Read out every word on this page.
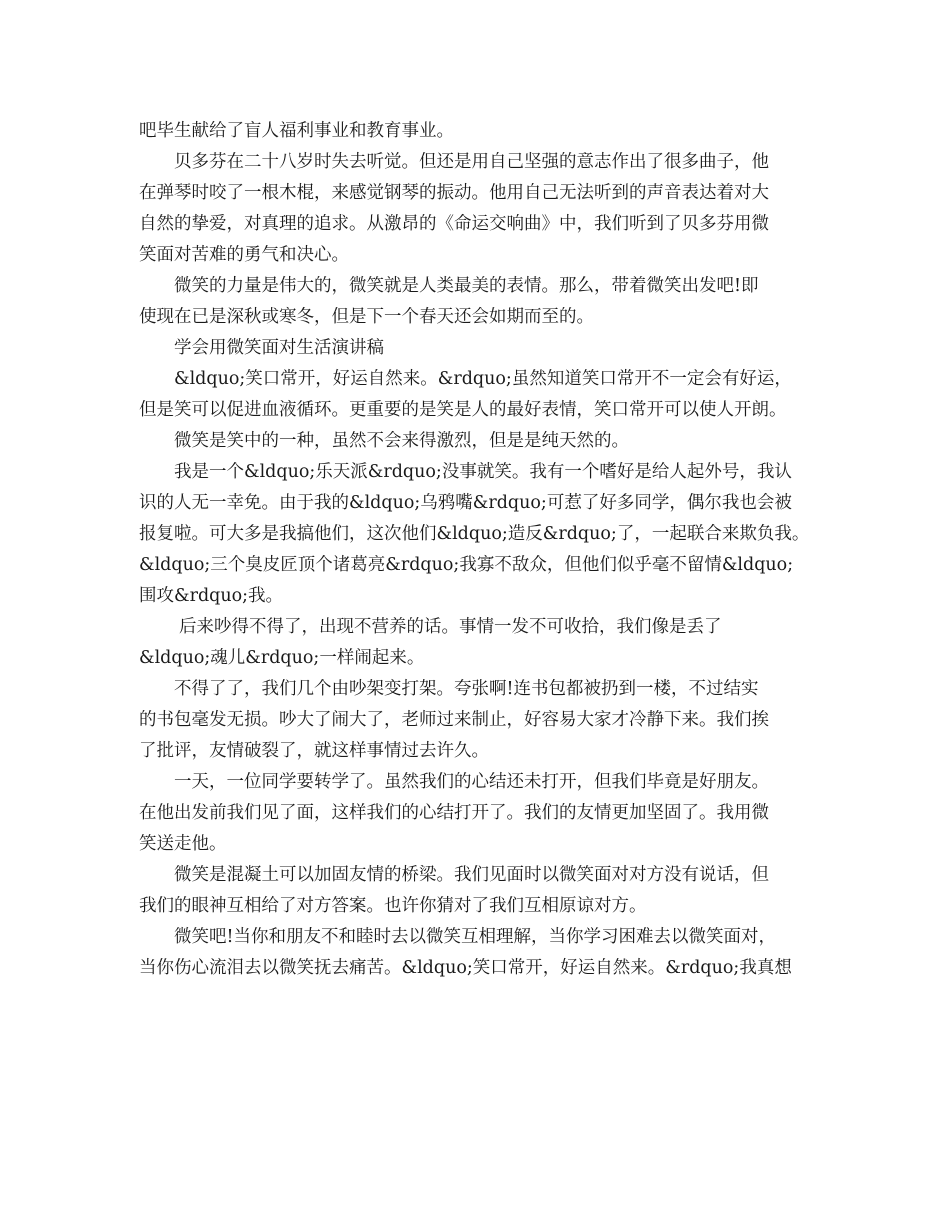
吧毕生献给了盲人福利事业和教育事业。
贝多芬在二十八岁时失去听觉。但还是用自己坚强的意志作出了很多曲子，他
在弹琴时咬了一根木棍，来感觉钢琴的振动。他用自己无法听到的声音表达着对大
自然的挚爱，对真理的追求。从激昂的《命运交响曲》中，我们听到了贝多芬用微
笑面对苦难的勇气和决心。
微笑的力量是伟大的，微笑就是人类最美的表情。那么，带着微笑出发吧!即
使现在已是深秋或寒冬，但是下一个春天还会如期而至的。
学会用微笑面对生活演讲稿
&ldquo;笑口常开，好运自然来。&rdquo;虽然知道笑口常开不一定会有好运，
但是笑可以促进血液循环。更重要的是笑是人的最好表情，笑口常开可以使人开朗。
微笑是笑中的一种，虽然不会来得激烈，但是是纯天然的。
我是一个&ldquo;乐天派&rdquo;没事就笑。我有一个嗜好是给人起外号，我认
识的人无一幸免。由于我的&ldquo;乌鸦嘴&rdquo;可惹了好多同学，偶尔我也会被
报复啦。可大多是我搞他们，这次他们&ldquo;造反&rdquo;了，一起联合来欺负我。
&ldquo;三个臭皮匠顶个诸葛亮&rdquo;我寡不敌众，但他们似乎毫不留情&ldquo;
围攻&rdquo;我。
后来吵得不得了，出现不营养的话。事情一发不可收拾，我们像是丢了
&ldquo;魂儿&rdquo;一样闹起来。
不得了了，我们几个由吵架变打架。夸张啊!连书包都被扔到一楼，不过结实
的书包毫发无损。吵大了闹大了，老师过来制止，好容易大家才冷静下来。我们挨
了批评，友情破裂了，就这样事情过去许久。
一天，一位同学要转学了。虽然我们的心结还未打开，但我们毕竟是好朋友。
在他出发前我们见了面，这样我们的心结打开了。我们的友情更加坚固了。我用微
笑送走他。
微笑是混凝土可以加固友情的桥梁。我们见面时以微笑面对对方没有说话，但
我们的眼神互相给了对方答案。也许你猜对了我们互相原谅对方。
微笑吧!当你和朋友不和睦时去以微笑互相理解，当你学习困难去以微笑面对，
当你伤心流泪去以微笑抚去痛苦。&ldquo;笑口常开，好运自然来。&rdquo;我真想
